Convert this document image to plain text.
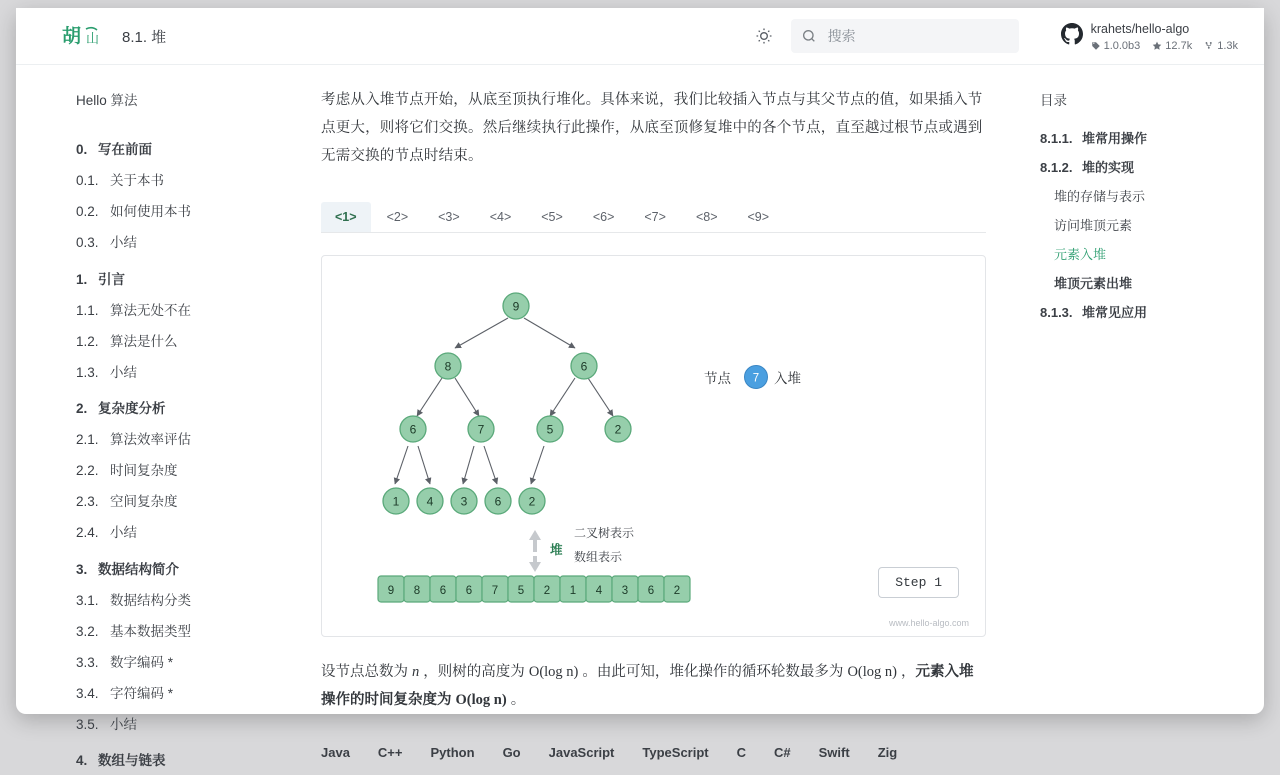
胡 山 8.1. 堆
搜索	krahets/hello-algo
1.0.0b3 12.7k 1.3k
Hello 算法
0. 写在前面
0.1. 关于本书
0.2. 如何使用本书
0.3. 小结
1. 引言
1.1. 算法无处不在
1.2. 算法是什么
1.3. 小结
2. 复杂度分析
2.1. 算法效率评估
2.2. 时间复杂度
2.3. 空间复杂度
2.4. 小结
3. 数据结构简介
3.1. 数据结构分类
3.2. 基本数据类型
3.3. 数字编码 *
3.4. 字符编码 *
3.5. 小结
4. 数组与链表
考虑从入堆节点开始，从底至顶执行堆化。具体来说，我们比较插入节点与其父节点的值，如果插入节点更大，则将它们交换。然后继续执行此操作，从底至顶修复堆中的各个节点，直至越过根节点或遇到无需交换的节点时结束。
<1>	<2>	<3>	<4>	<5>	<6>	<7>	<8>	<9>
9
8	6
6	7	5	2
1 4 3 6 2
节点 7 入堆
堆
二叉树表示
数组表示
9 8 6 6 7 5 2 1 4 3 6 2
Step 1
www.hello-algo.com
设节点总数为 n ，则树的高度为 O(log n) 。由此可知，堆化操作的循环轮数最多为 O(log n) ，元素入堆操作的时间复杂度为 O(log n) 。
Java C++ Python Go JavaScript TypeScript C C# Swift Zig
目录
8.1.1. 堆常用操作
8.1.2. 堆的实现
堆的存储与表示
访问堆顶元素
元素入堆
堆顶元素出堆
8.1.3. 堆常见应用
